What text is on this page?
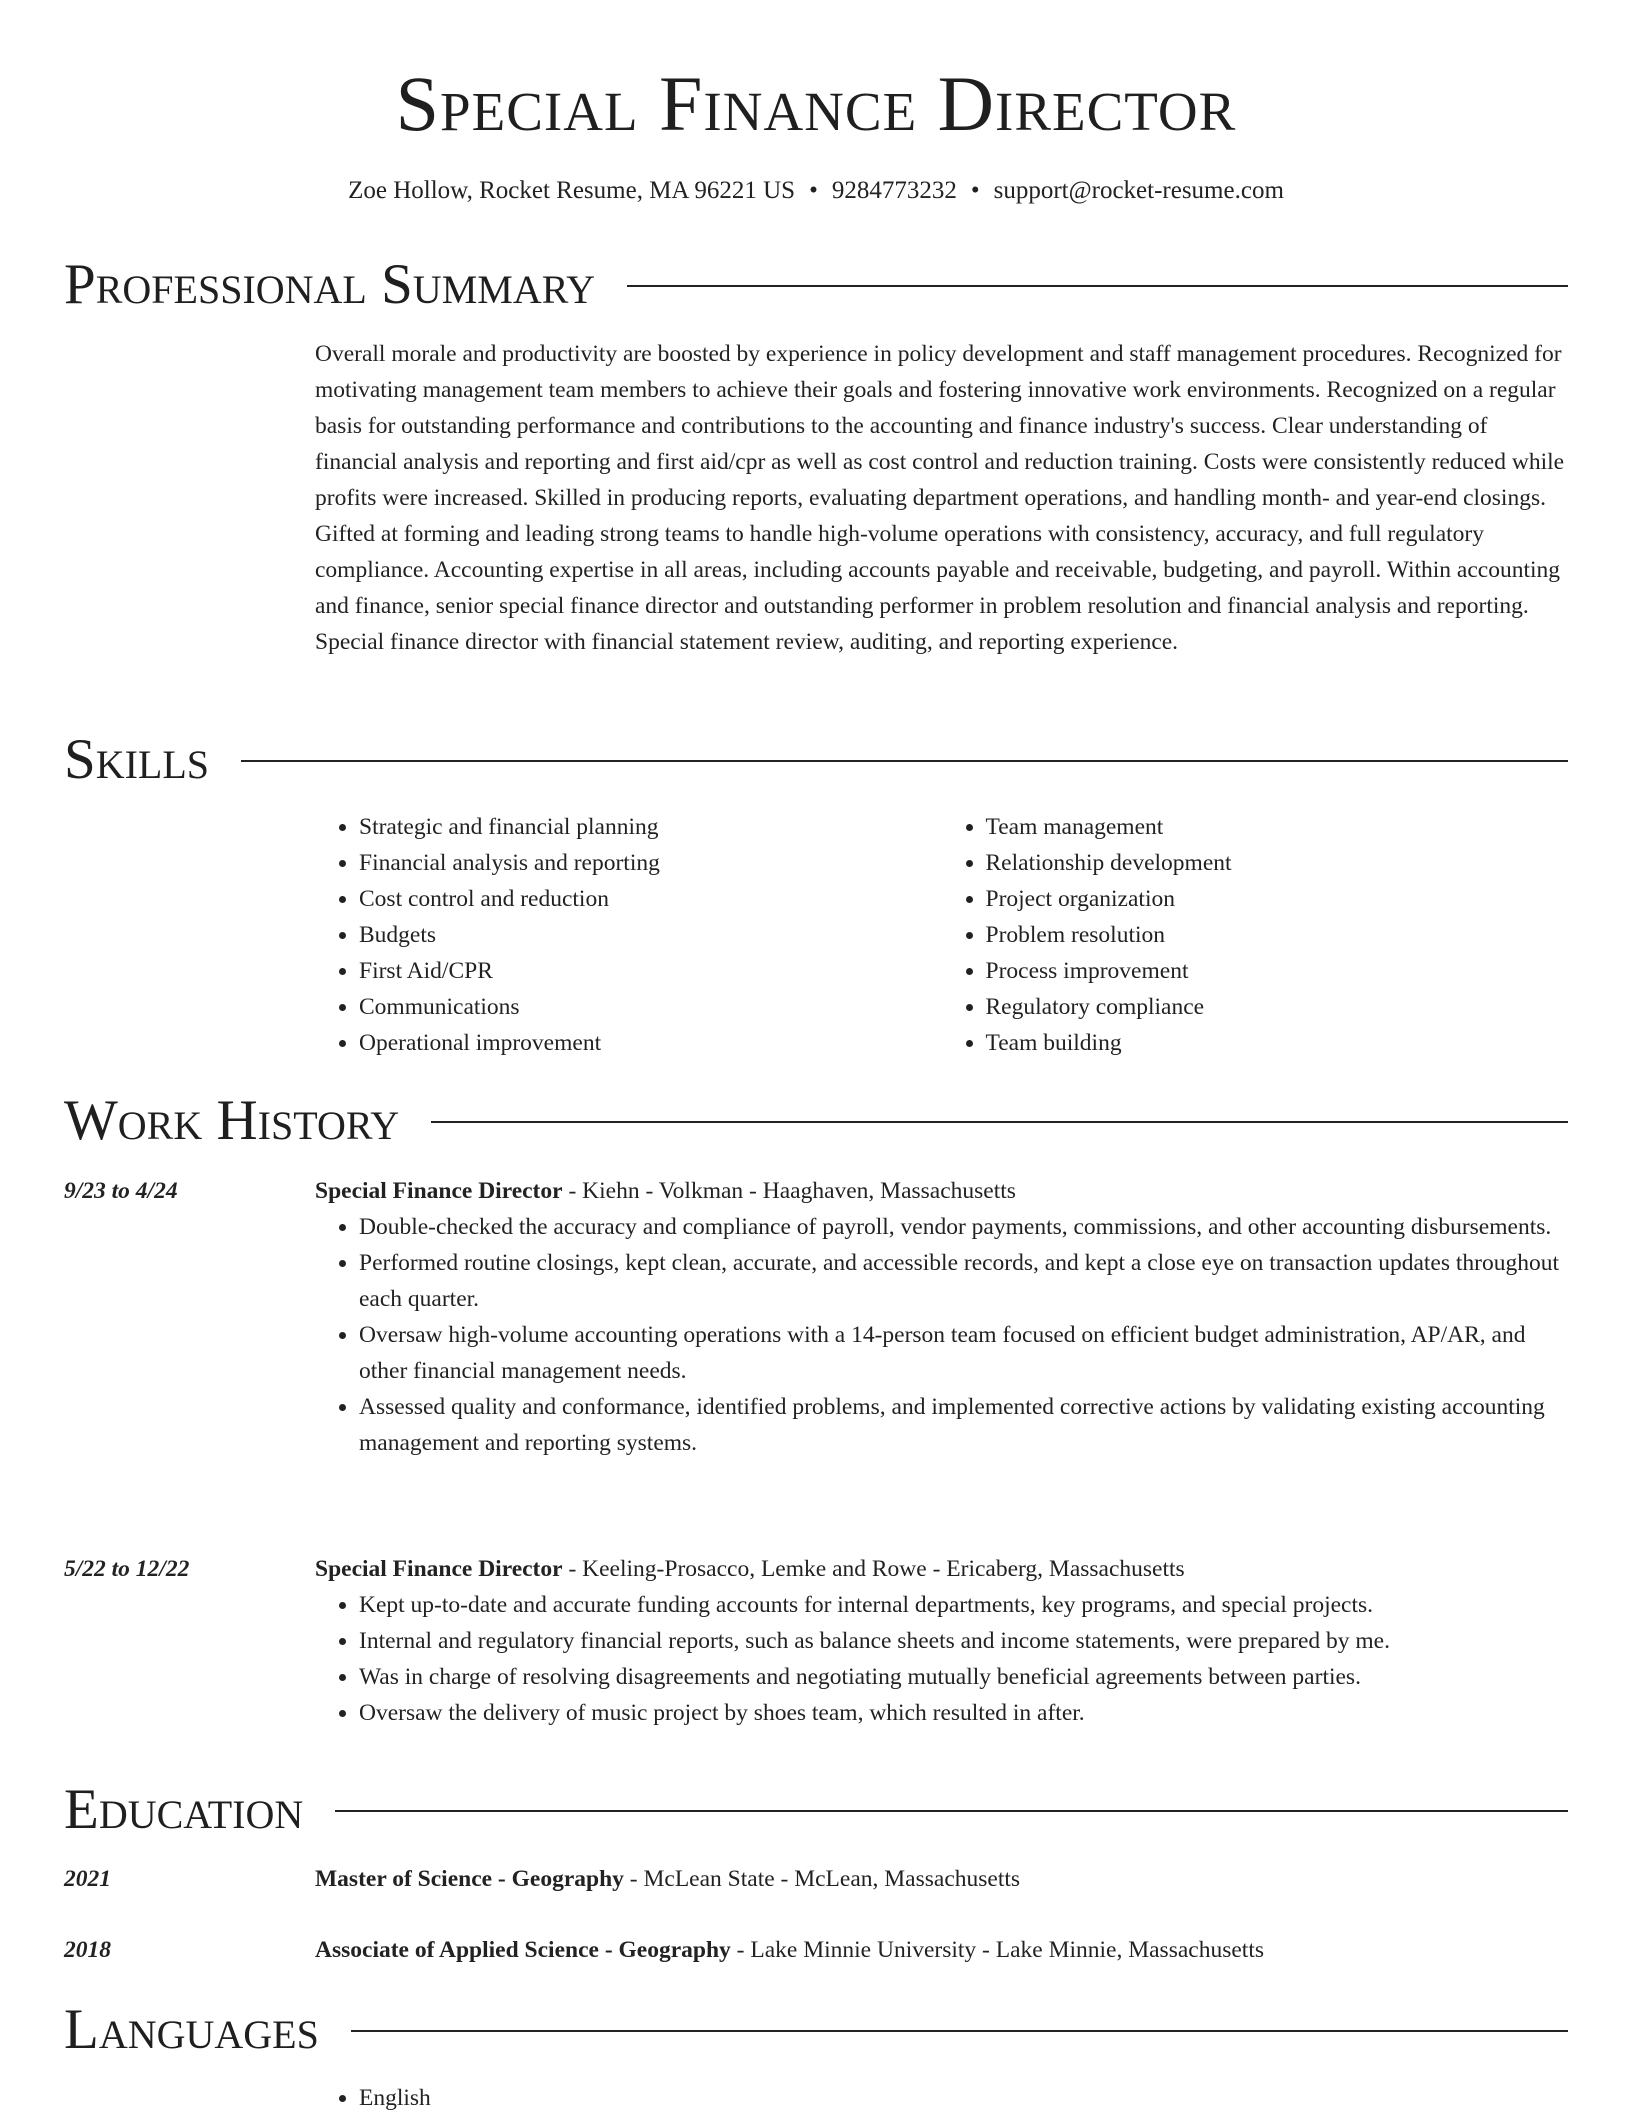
Special Finance Director
Zoe Hollow, Rocket Resume, MA 96221 US • 9284773232 • support@rocket-resume.com
Professional Summary

Overall morale and productivity are boosted by experience in policy development and staff management procedures. Recognized for motivating management team members to achieve their goals and fostering innovative work environments. Recognized on a regular basis for outstanding performance and contributions to the accounting and finance industry's success. Clear understanding of financial analysis and reporting and first aid/cpr as well as cost control and reduction training. Costs were consistently reduced while profits were increased. Skilled in producing reports, evaluating department operations, and handling month- and year-end closings. Gifted at forming and leading strong teams to handle high-volume operations with consistency, accuracy, and full regulatory compliance. Accounting expertise in all areas, including accounts payable and receivable, budgeting, and payroll. Within accounting and finance, senior special finance director and outstanding performer in problem resolution and financial analysis and reporting. Special finance director with financial statement review, auditing, and reporting experience.

Skills
• Strategic and financial planning
• Financial analysis and reporting
• Cost control and reduction
• Budgets
• First Aid/CPR
• Communications
• Operational improvement
• Team management
• Relationship development
• Project organization
• Problem resolution
• Process improvement
• Regulatory compliance
• Team building
Work History
9/23 to 4/24	Special Finance Director - Kiehn - Volkman - Haaghaven, Massachusetts
• Double-checked the accuracy and compliance of payroll, vendor payments, commissions, and other accounting disbursements.
• Performed routine closings, kept clean, accurate, and accessible records, and kept a close eye on transaction updates throughout each quarter.
• Oversaw high-volume accounting operations with a 14-person team focused on efficient budget administration, AP/AR, and other financial management needs.
• Assessed quality and conformance, identified problems, and implemented corrective actions by validating existing accounting management and reporting systems.
5/22 to 12/22	Special Finance Director - Keeling-Prosacco, Lemke and Rowe - Ericaberg, Massachusetts
• Kept up-to-date and accurate funding accounts for internal departments, key programs, and special projects.
• Internal and regulatory financial reports, such as balance sheets and income statements, were prepared by me.
• Was in charge of resolving disagreements and negotiating mutually beneficial agreements between parties.
• Oversaw the delivery of music project by shoes team, which resulted in after.
Education
2021	Master of Science - Geography - McLean State - McLean, Massachusetts
2018	Associate of Applied Science - Geography - Lake Minnie University - Lake Minnie, Massachusetts
Languages
• English
